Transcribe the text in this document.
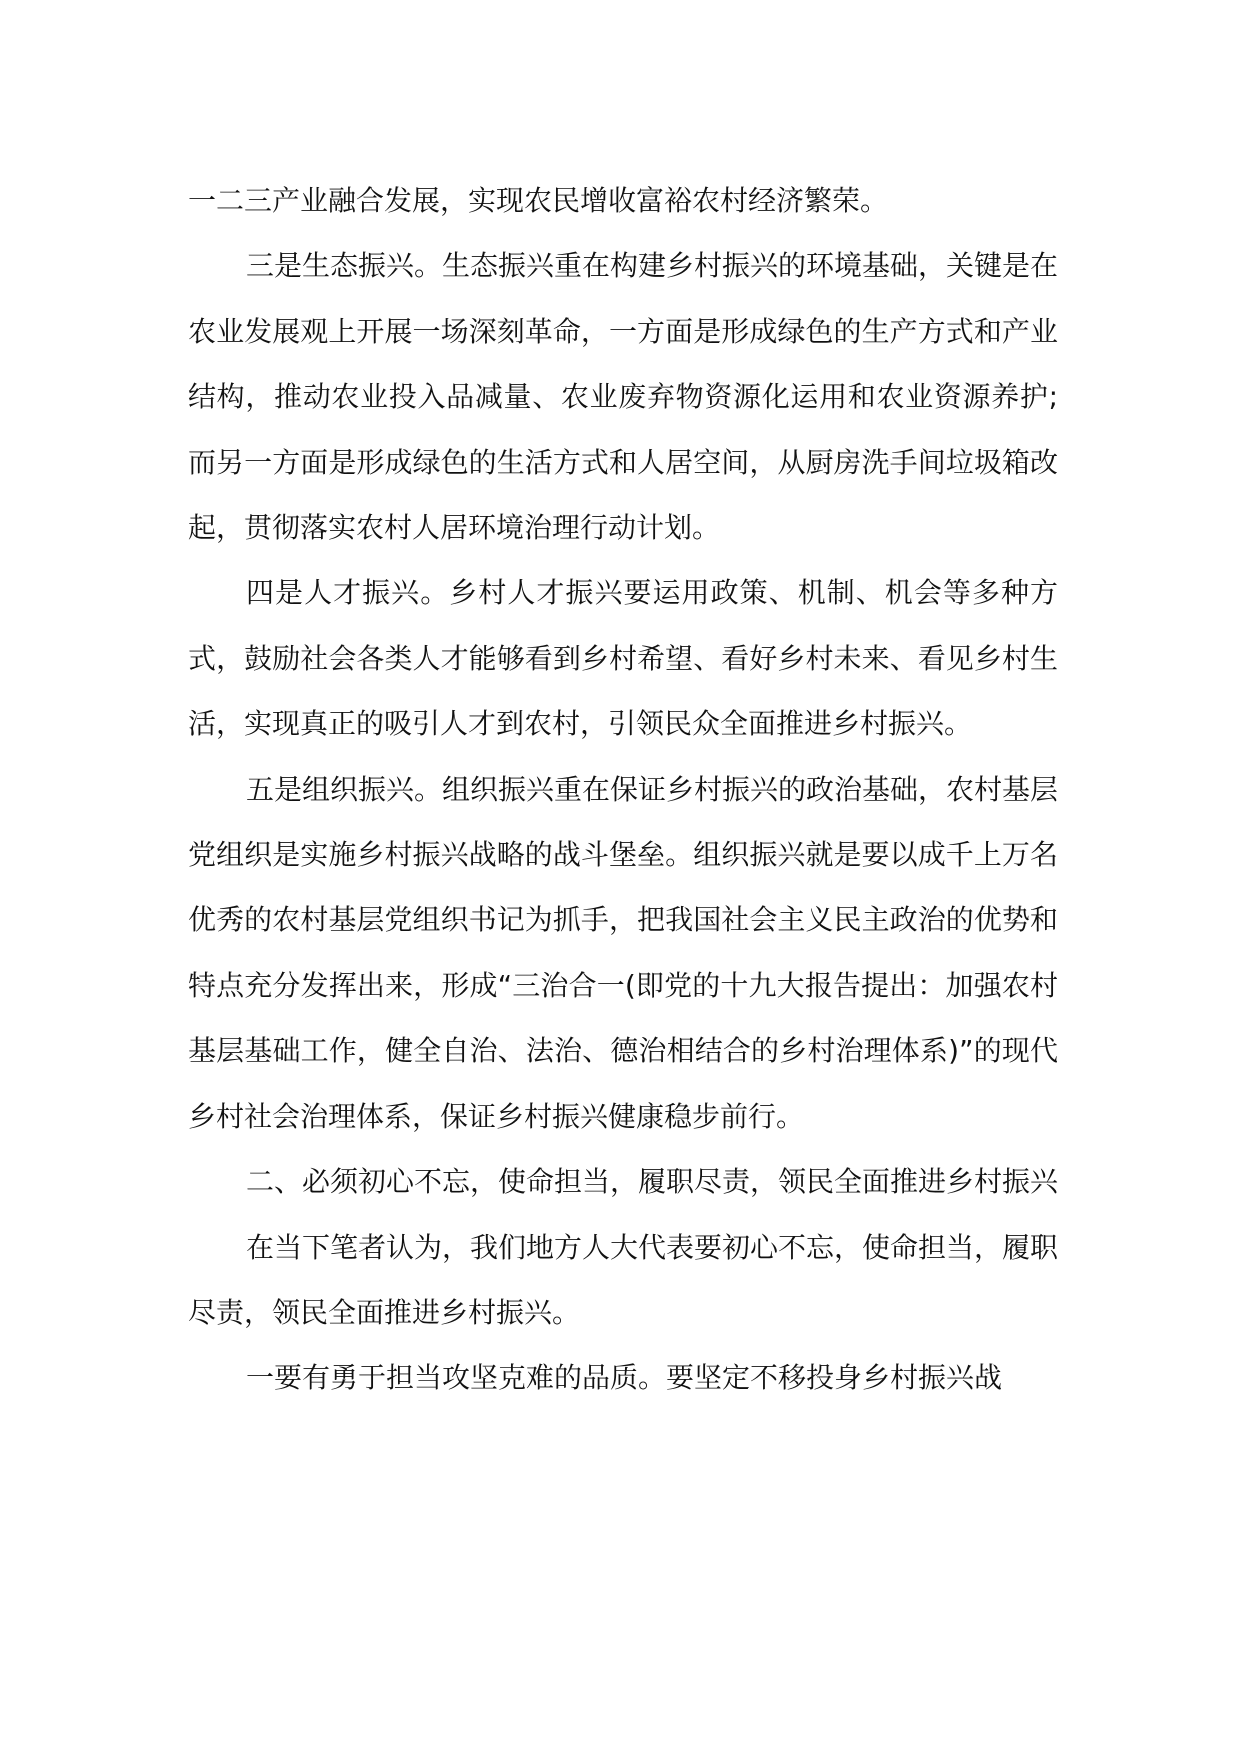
一二三产业融合发展，实现农民增收富裕农村经济繁荣。

三是生态振兴。生态振兴重在构建乡村振兴的环境基础，关键是在农业发展观上开展一场深刻革命，一方面是形成绿色的生产方式和产业结构，推动农业投入品减量、农业废弃物资源化运用和农业资源养护;而另一方面是形成绿色的生活方式和人居空间，从厨房洗手间垃圾箱改起，贯彻落实农村人居环境治理行动计划。

四是人才振兴。乡村人才振兴要运用政策、机制、机会等多种方式，鼓励社会各类人才能够看到乡村希望、看好乡村未来、看见乡村生活，实现真正的吸引人才到农村，引领民众全面推进乡村振兴。

五是组织振兴。组织振兴重在保证乡村振兴的政治基础，农村基层党组织是实施乡村振兴战略的战斗堡垒。组织振兴就是要以成千上万名优秀的农村基层党组织书记为抓手，把我国社会主义民主政治的优势和特点充分发挥出来，形成“三治合一(即党的十九大报告提出：加强农村基层基础工作，健全自治、法治、德治相结合的乡村治理体系)”的现代乡村社会治理体系，保证乡村振兴健康稳步前行。

二、必须初心不忘，使命担当，履职尽责，领民全面推进乡村振兴

在当下笔者认为，我们地方人大代表要初心不忘，使命担当，履职尽责，领民全面推进乡村振兴。

一要有勇于担当攻坚克难的品质。要坚定不移投身乡村振兴战
